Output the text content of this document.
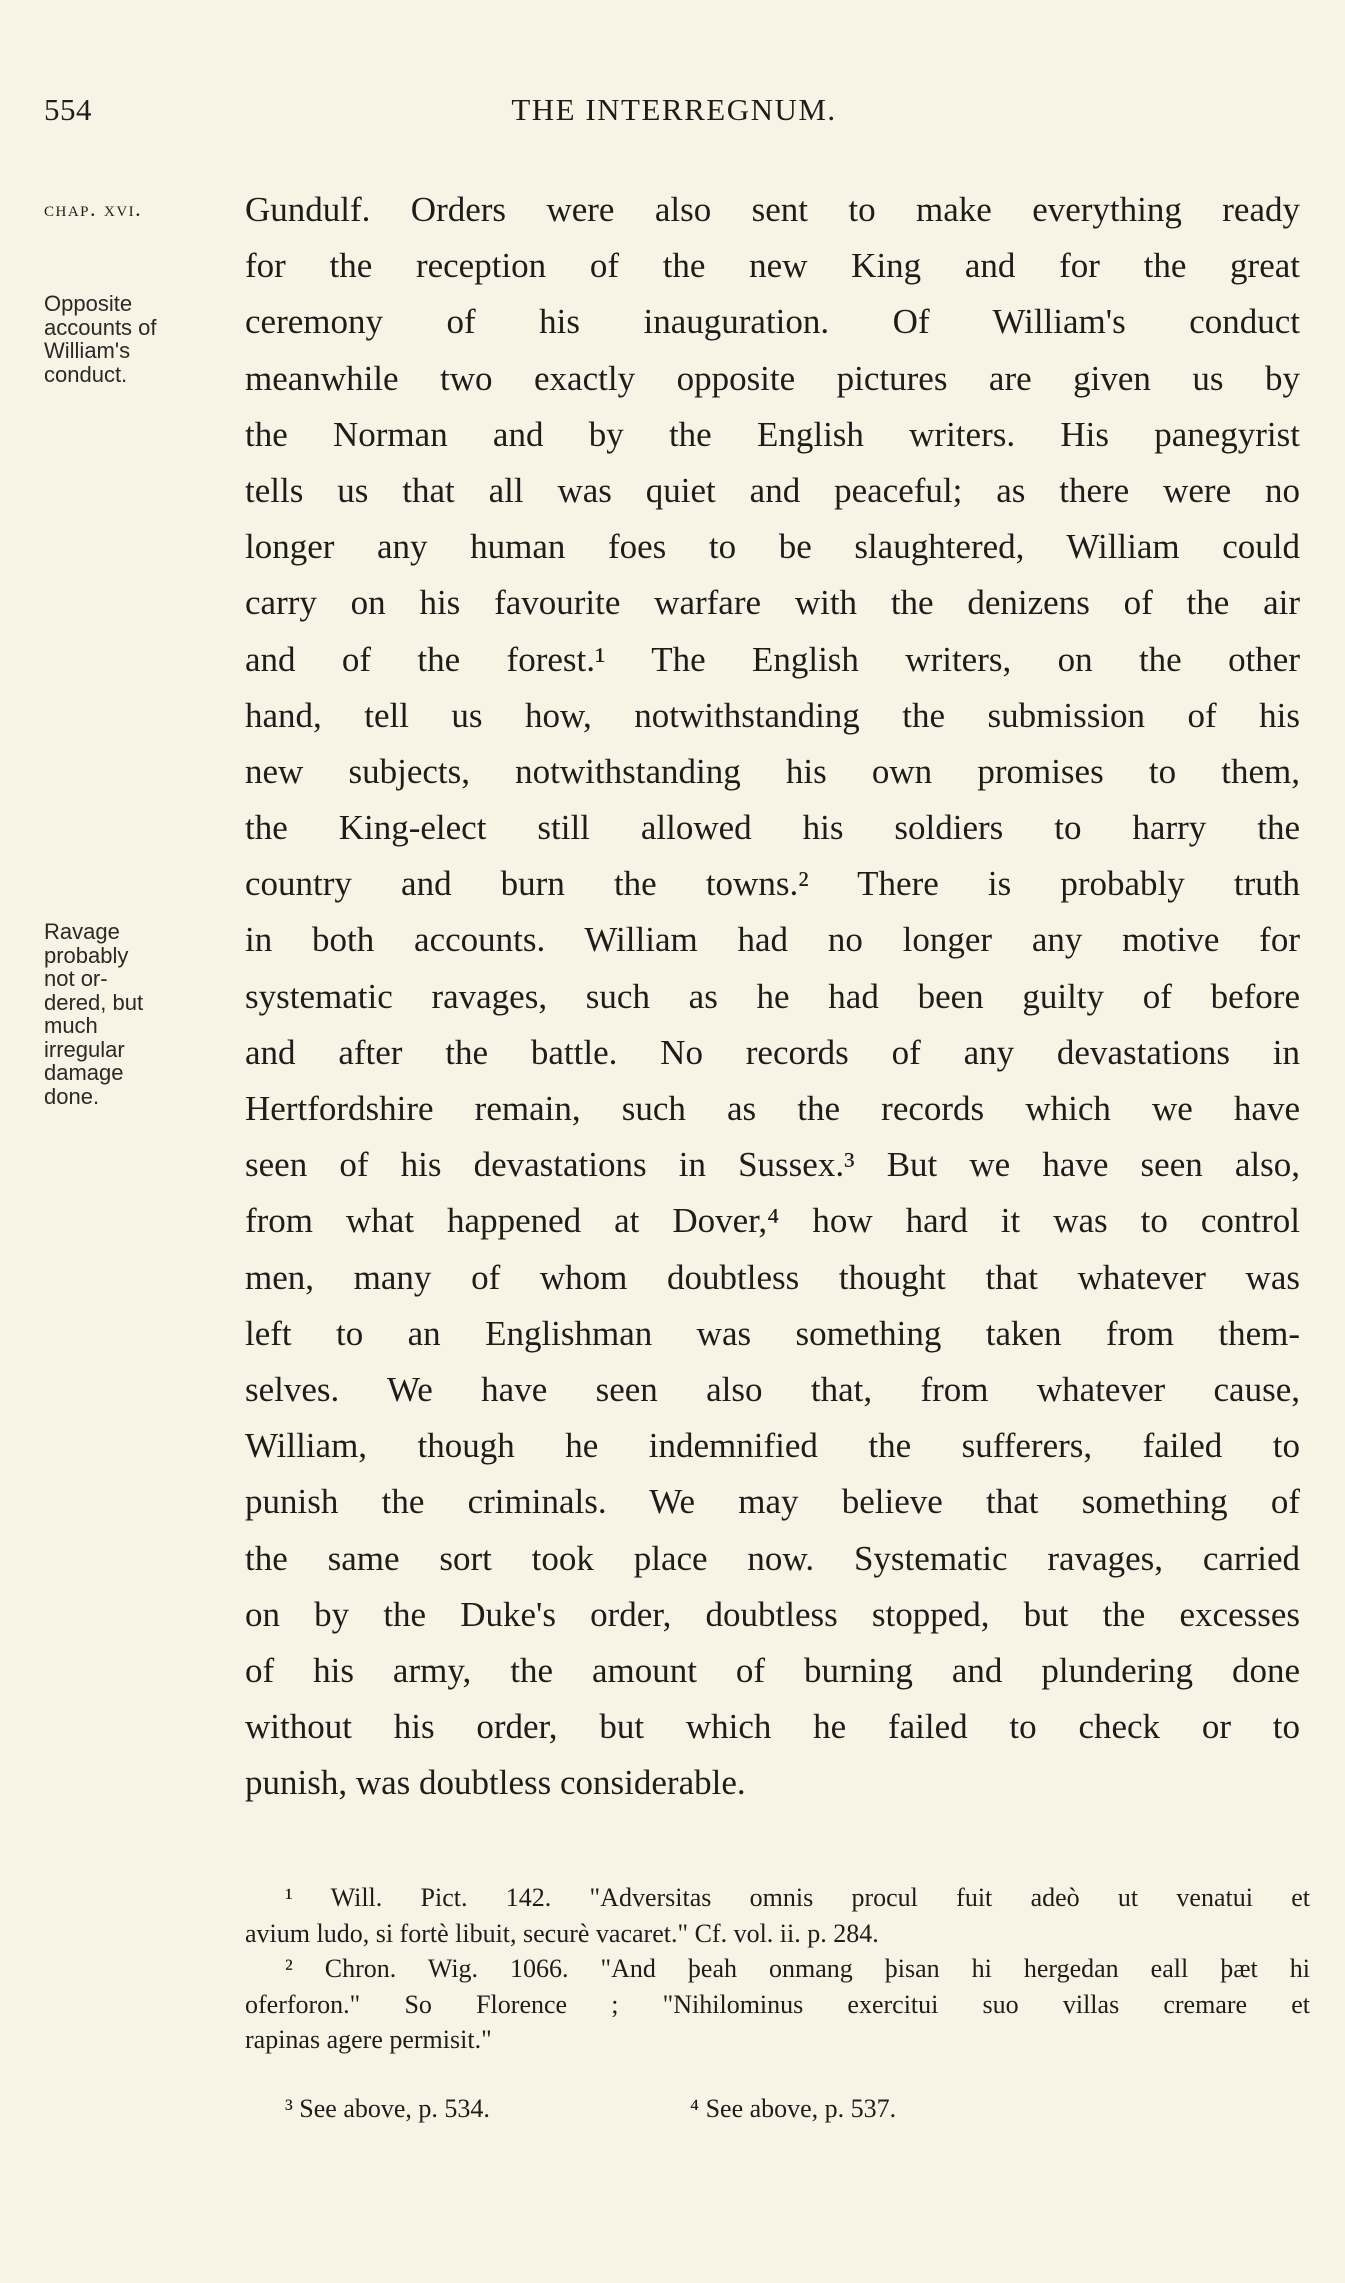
554	THE INTERREGNUM.
chap. xvi.
Opposite
accounts of
William's
conduct.
Ravage
probably
not or-
dered, but
much
irregular
damage
done.
Gundulf. Orders were also sent to make everything ready
for the reception of the new King and for the great
ceremony of his inauguration. Of William's conduct
meanwhile two exactly opposite pictures are given us by
the Norman and by the English writers. His panegyrist
tells us that all was quiet and peaceful; as there were no
longer any human foes to be slaughtered, William could
carry on his favourite warfare with the denizens of the air
and of the forest.¹ The English writers, on the other
hand, tell us how, notwithstanding the submission of his
new subjects, notwithstanding his own promises to them,
the King-elect still allowed his soldiers to harry the
country and burn the towns.² There is probably truth
in both accounts. William had no longer any motive for
systematic ravages, such as he had been guilty of before
and after the battle. No records of any devastations in
Hertfordshire remain, such as the records which we have
seen of his devastations in Sussex.³ But we have seen also,
from what happened at Dover,⁴ how hard it was to control
men, many of whom doubtless thought that whatever was
left to an Englishman was something taken from them-
selves. We have seen also that, from whatever cause,
William, though he indemnified the sufferers, failed to
punish the criminals. We may believe that something of
the same sort took place now. Systematic ravages, carried
on by the Duke's order, doubtless stopped, but the excesses
of his army, the amount of burning and plundering done
without his order, but which he failed to check or to
punish, was doubtless considerable.
¹ Will. Pict. 142. "Adversitas omnis procul fuit adeò ut venatui et
avium ludo, si fortè libuit, securè vacaret." Cf. vol. ii. p. 284.
² Chron. Wig. 1066. "And þeah onmang þisan hi hergedan eall þæt hi
oferforon." So Florence ; "Nihilominus exercitui suo villas cremare et
rapinas agere permisit."
³ See above, p. 534.	⁴ See above, p. 537.
